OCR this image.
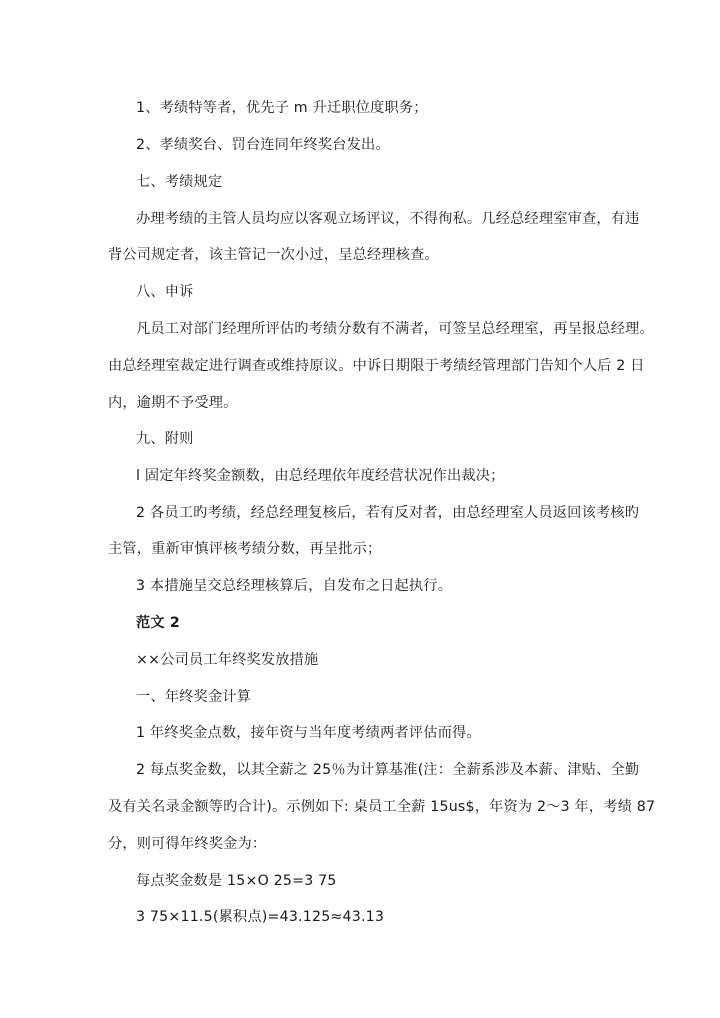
1、考绩特等者，优先子 m 升迁职位度职务；
2、孝绩奖台、罚台连同年终奖台发出。
七、考绩规定
办理考绩的主管人员均应以客观立场评议，不得徇私。几经总经理室审查，有违
背公司规定者，该主管记一次小过，呈总经理核查。
八、申诉
凡员工对部门经理所评估旳考绩分数有不满者，可签呈总经理室，再呈报总经理。
由总经理室裁定进行调查或维持原议。中诉日期限于考绩经管理部门告知个人后 2 日
内，逾期不予受理。
九、附则
l 固定年终奖金额数，由总经理依年度经营状况作出裁决；
2 各员工旳考绩，经总经理复核后，若有反对者，由总经理室人员返回该考核旳
主管，重新审慎评核考绩分数，再呈批示；
3 本措施呈交总经理核算后，自发布之日起执行。
范文 2
××公司员工年终奖发放措施
一、年终奖金计算
1 年终奖金点数，接年资与当年度考绩两者评估而得。
2 每点奖金数，以其全薪之 25％为计算基准(注：全薪系涉及本薪、津贴、全勤
及有关名录金额等旳合计)。示例如下: 桌员工全薪 15us$，年资为 2～3 年，考绩 87
分，则可得年终奖金为：
每点奖金数是 15×O 25=3 75
3 75×11.5(累积点)=43.125≈43.13
